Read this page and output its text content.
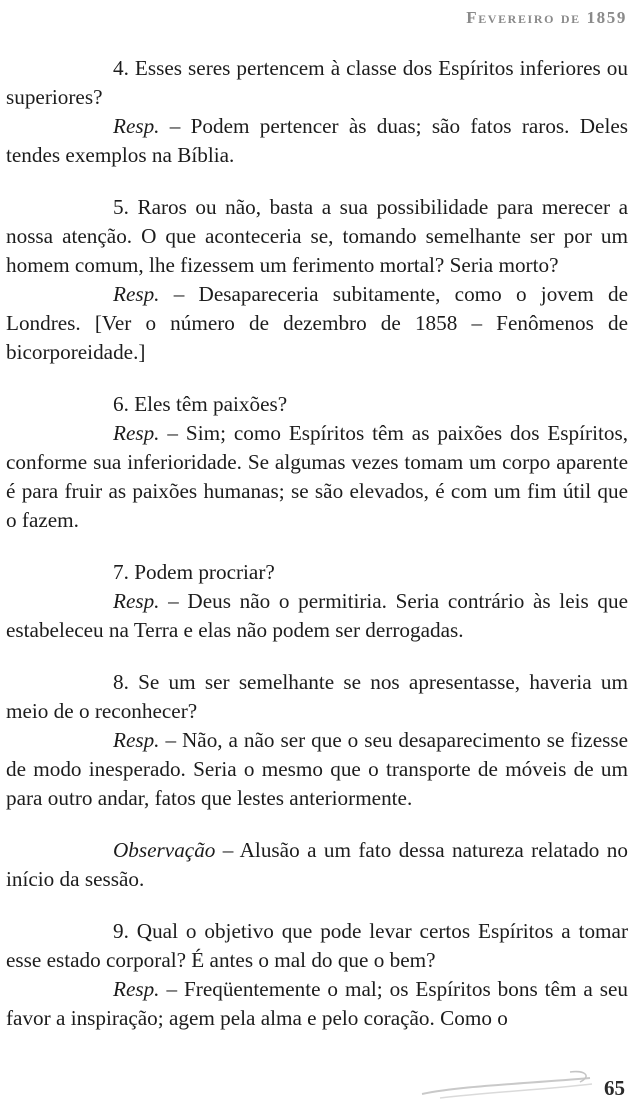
Fevereiro de 1859

4. Esses seres pertencem à classe dos Espíritos inferiores ou superiores?

Resp. – Podem pertencer às duas; são fatos raros. Deles tendes exemplos na Bíblia.

5. Raros ou não, basta a sua possibilidade para merecer a nossa atenção. O que aconteceria se, tomando semelhante ser por um homem comum, lhe fizessem um ferimento mortal? Seria morto?

Resp. – Desapareceria subitamente, como o jovem de Londres. [Ver o número de dezembro de 1858 – Fenômenos de bicorporeidade.]

6. Eles têm paixões?

Resp. – Sim; como Espíritos têm as paixões dos Espíritos, conforme sua inferioridade. Se algumas vezes tomam um corpo aparente é para fruir as paixões humanas; se são elevados, é com um fim útil que o fazem.

7. Podem procriar?

Resp. – Deus não o permitiria. Seria contrário às leis que estabeleceu na Terra e elas não podem ser derrogadas.

8. Se um ser semelhante se nos apresentasse, haveria um meio de o reconhecer?

Resp. – Não, a não ser que o seu desaparecimento se fizesse de modo inesperado. Seria o mesmo que o transporte de móveis de um para outro andar, fatos que lestes anteriormente.

Observação – Alusão a um fato dessa natureza relatado no início da sessão.

9. Qual o objetivo que pode levar certos Espíritos a tomar esse estado corporal? É antes o mal do que o bem?

Resp. – Freqüentemente o mal; os Espíritos bons têm a seu favor a inspiração; agem pela alma e pelo coração. Como o

65
